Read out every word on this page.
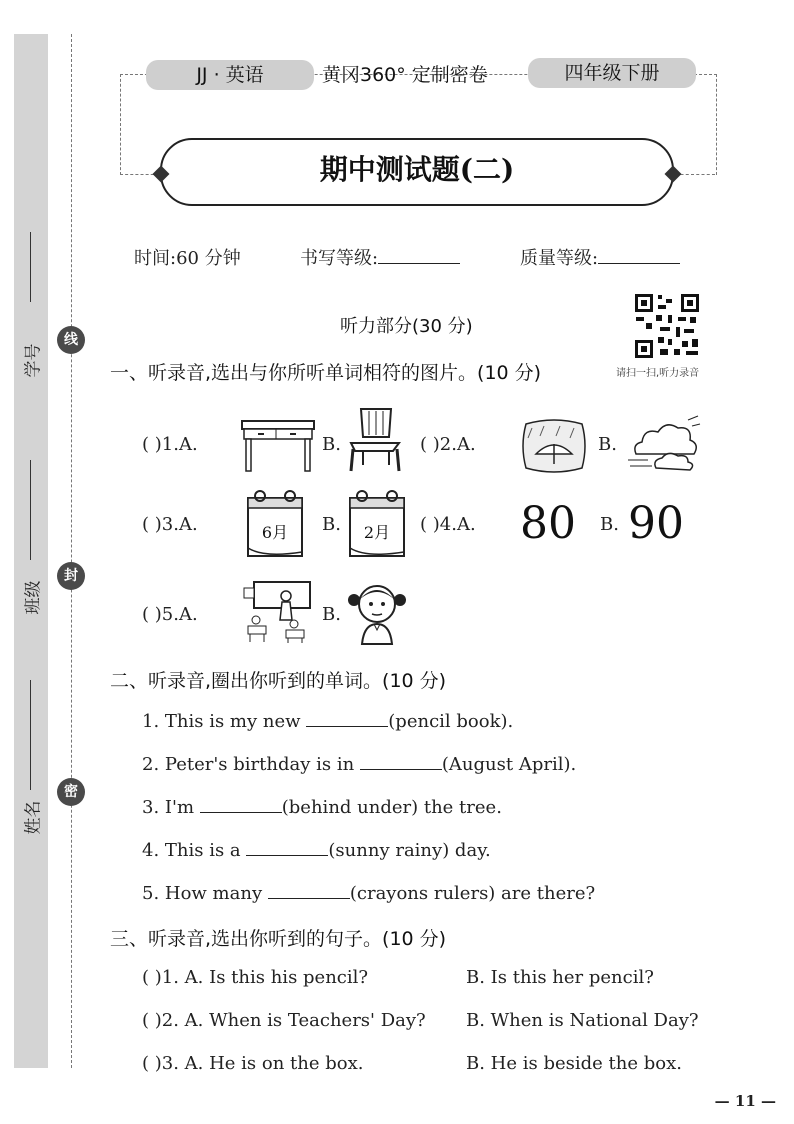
学号
班级
姓名
线
封
密
JJ · 英语	黄冈360° 定制密卷	四年级下册
期中测试题(二)
时间:60 分钟	书写等级:	质量等级:
听力部分(30 分)
请扫一扫,听力录音
一、听录音,选出与你所听单词相符的图片。(10 分)
( )1.A.	B.	( )2.A.	B.
( )3.A.	6月 B. 2月 ( )4.A. 80 B. 90
( )5.A.	B.
二、听录音,圈出你听到的单词。(10 分)
1. This is my new	(pencil book).
2. Peter's birthday is in	(August April).
3. I'm	(behind under) the tree.
4. This is a	(sunny rainy) day.
5. How many	(crayons rulers) are there?
三、听录音,选出你听到的句子。(10 分)
( )1. A. Is this his pencil?	B. Is this her pencil?
( )2. A. When is Teachers' Day? B. When is National Day?
( )3. A. He is on the box.	B. He is beside the box.
— 11 —
